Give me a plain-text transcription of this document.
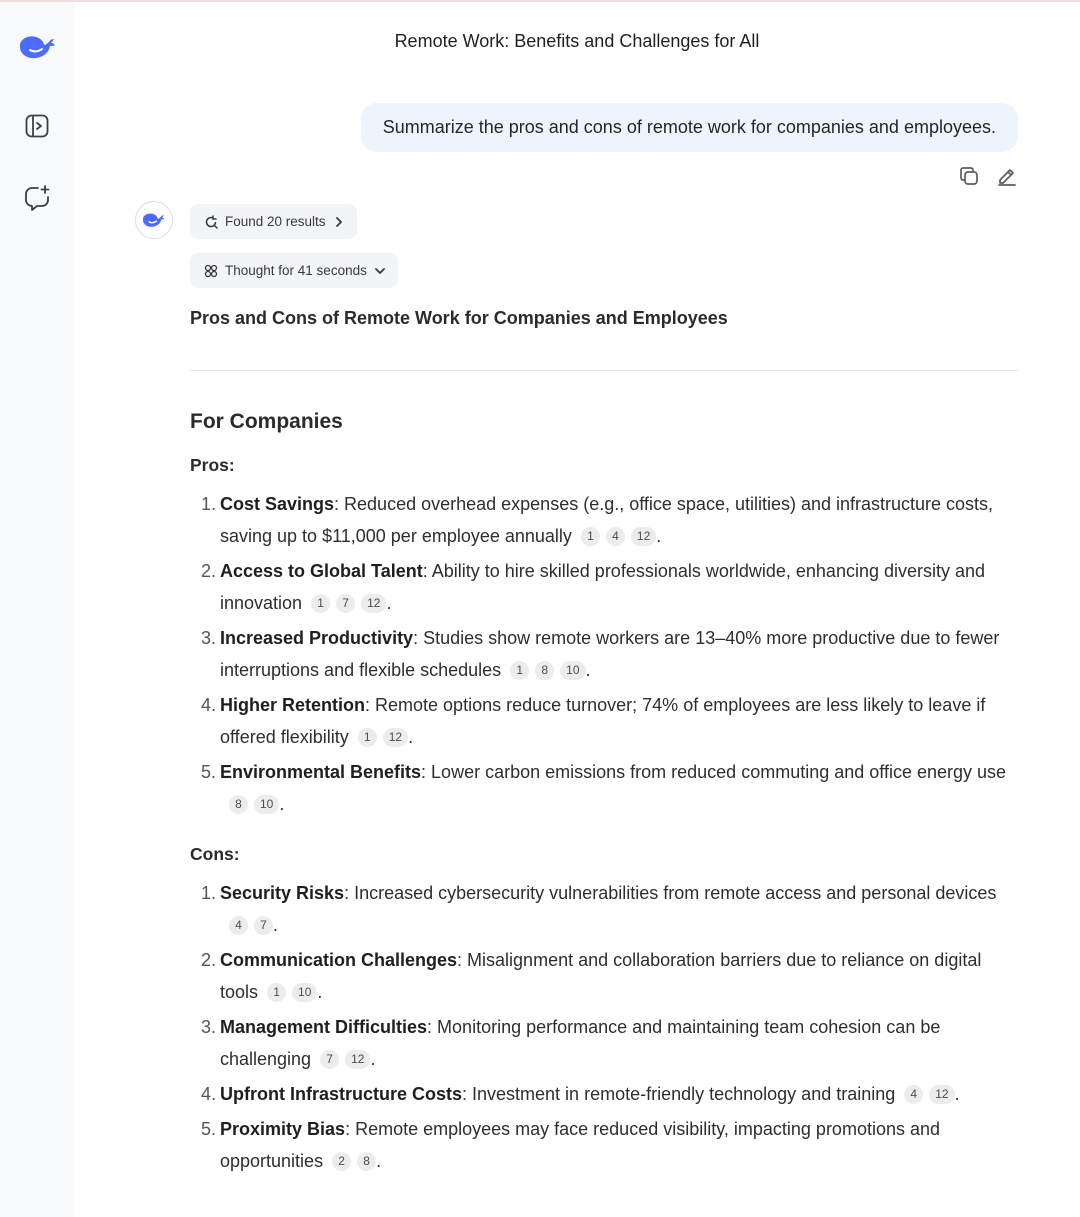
Remote Work: Benefits and Challenges for All
Summarize the pros and cons of remote work for companies and employees.
Found 20 results
Thought for 41 seconds
Pros and Cons of Remote Work for Companies and Employees
For Companies
Pros:
1. Cost Savings: Reduced overhead expenses (e.g., office space, utilities) and infrastructure costs, saving up to $11,000 per employee annually 1 4 12 .
2. Access to Global Talent: Ability to hire skilled professionals worldwide, enhancing diversity and innovation 1 7 12 .
3. Increased Productivity: Studies show remote workers are 13–40% more productive due to fewer interruptions and flexible schedules 1 8 10 .
4. Higher Retention: Remote options reduce turnover; 74% of employees are less likely to leave if offered flexibility 1 12 .
5. Environmental Benefits: Lower carbon emissions from reduced commuting and office energy use8 10 .
Cons:
1. Security Risks: Increased cybersecurity vulnerabilities from remote access and personal devices4 7 .
2. Communication Challenges: Misalignment and collaboration barriers due to reliance on digital tools 1 10 .
3. Management Difficulties: Monitoring performance and maintaining team cohesion can be challenging 7 12 .
4. Upfront Infrastructure Costs: Investment in remote-friendly technology and training 4 12 .
5. Proximity Bias: Remote employees may face reduced visibility, impacting promotions and opportunities 2 8 .
